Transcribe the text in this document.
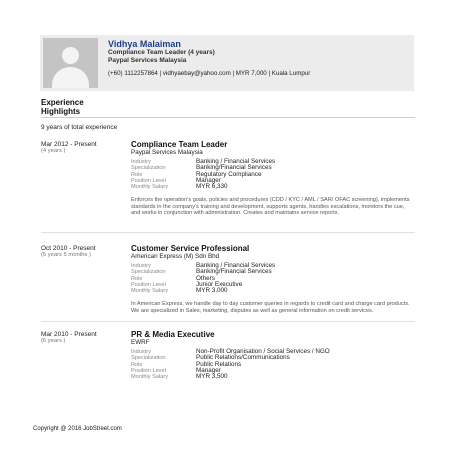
Vidhya Malaiman
Compliance Team Leader (4 years)
Paypal Services Malaysia
(+60) 1112257864 | vidhyaebay@yahoo.com | MYR 7,000 | Kuala Lumpur
Experience
Highlights
9 years of total experience
Mar 2012 - Present
(4 years )
Compliance Team Leader
Paypal Services Malaysia
Industry	Banking / Financial Services
Specialization	Banking/Financial Services
Role	Regulatory Compliance
Position Level	Manager
Monthly Salary	MYR 6,330
Enforces the operation's goals, policies and procedures (CDD / KYC / AML / SAR/ OFAC screening), implements standards in the company's training and development, supports agents, handles escalations, monitors the cue, and works in conjunction with administration. Creates and maintains service reports.
Oct 2010 - Present
(5 years 5 months )
Customer Service Professional
American Express (M) Sdn Bhd
Industry	Banking / Financial Services
Specialization	Banking/Financial Services
Role	Others
Position Level	Junior Executive
Monthly Salary	MYR 3,000
In American Express, we handle day to day customer queries in regards to credit card and charge card products. We are specialized in Sales, marketing, disputes as well as general information on credit services.
Mar 2010 - Present
(6 years )
PR & Media Executive
EWRF
Industry	Non-Profit Organisation / Social Services / NGO
Specialization	Public Relations/Communications
Role	Public Relations
Position Level	Manager
Monthly Salary	MYR 3,500
Copyright @ 2016 JobStreet.com
